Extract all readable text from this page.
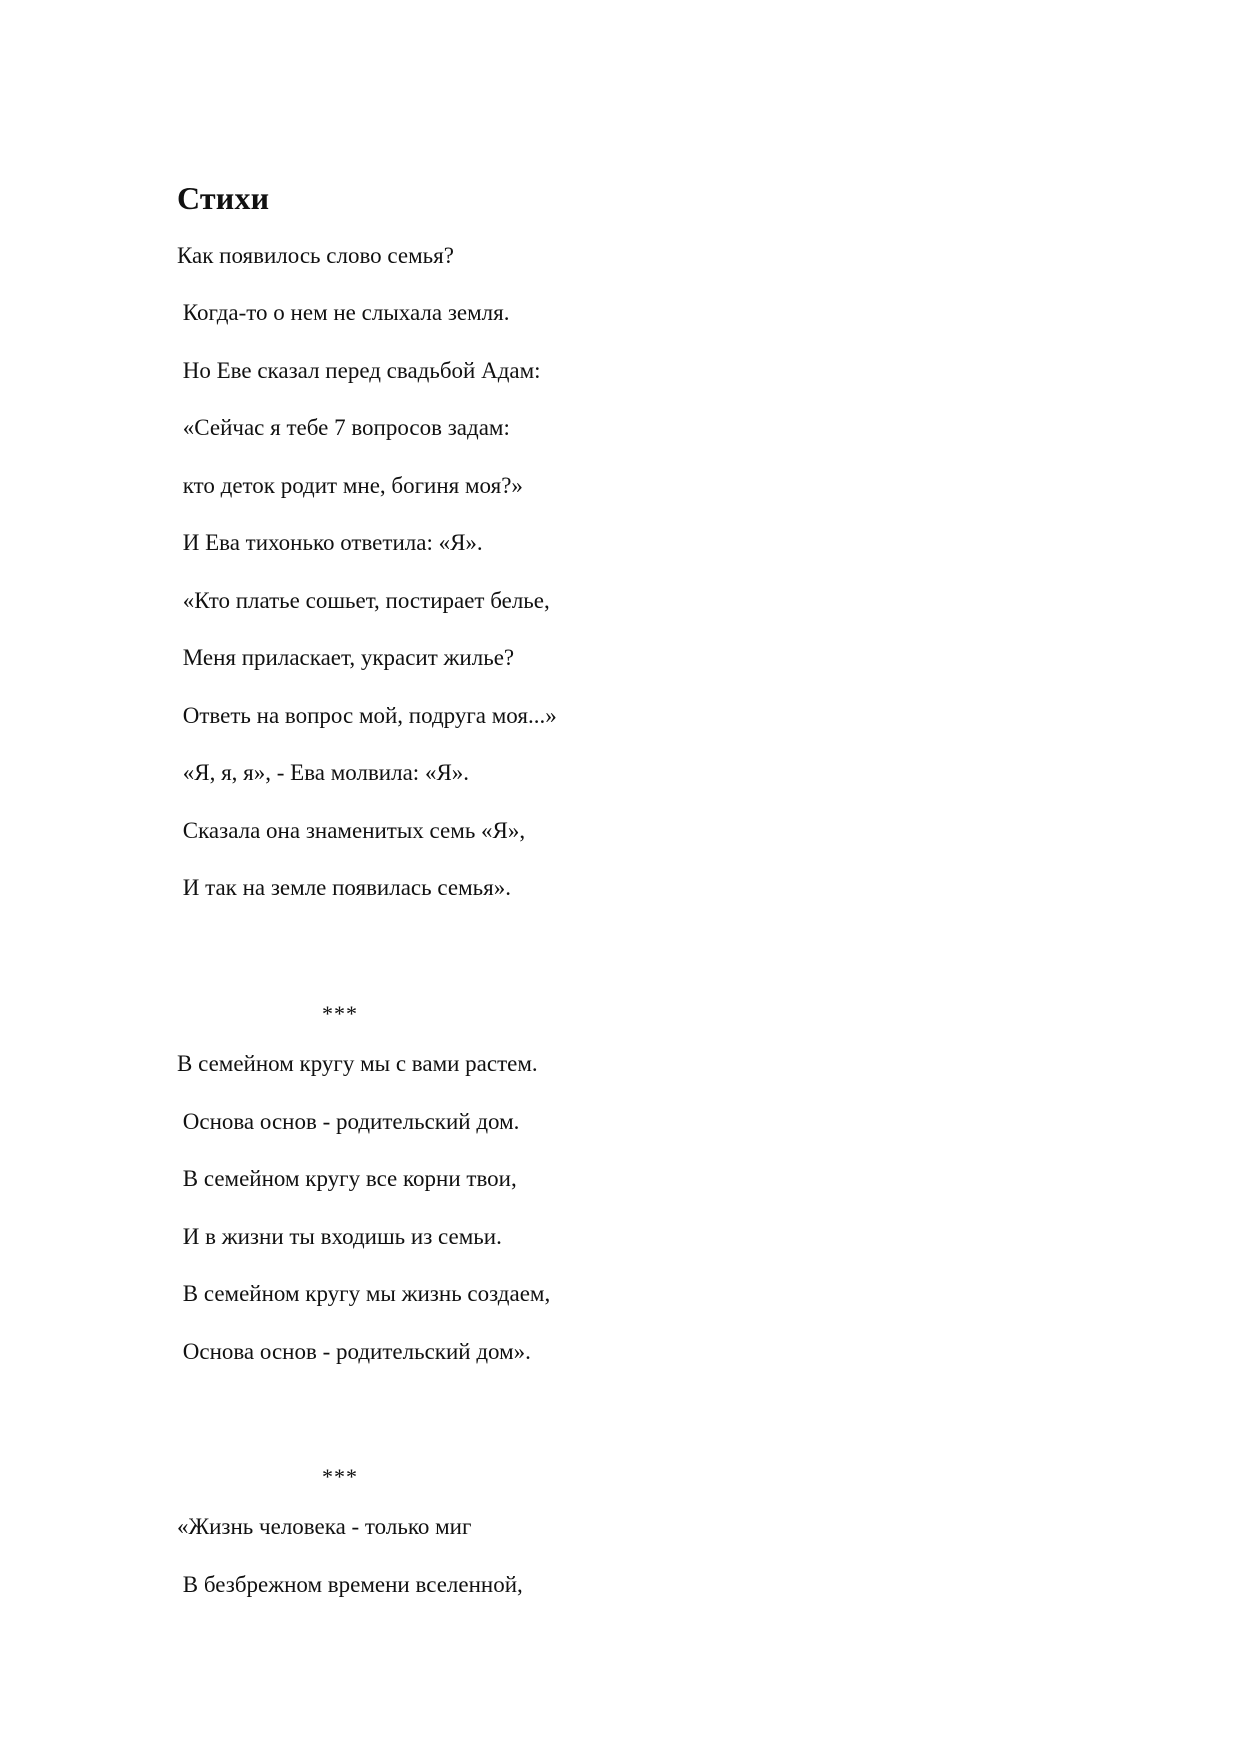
Стихи

Как появилось слово семья?

Когда-то о нем не слыхала земля.

Но Еве сказал перед свадьбой Адам:

«Сейчас я тебе 7 вопросов задам:

кто деток родит мне, богиня моя?»

И Ева тихонько ответила: «Я».

«Кто платье сошьет, постирает белье,

Меня приласкает, украсит жилье?

Ответь на вопрос мой, подруга моя...»

«Я, я, я», - Ева молвила: «Я».

Сказала она знаменитых семь «Я»,

И так на земле появилась семья».

***

В семейном кругу мы с вами растем.

Основа основ - родительский дом.

В семейном кругу все корни твои,

И в жизни ты входишь из семьи.

В семейном кругу мы жизнь создаем,

Основа основ - родительский дом».

***

«Жизнь человека - только миг

В безбрежном времени вселенной,
